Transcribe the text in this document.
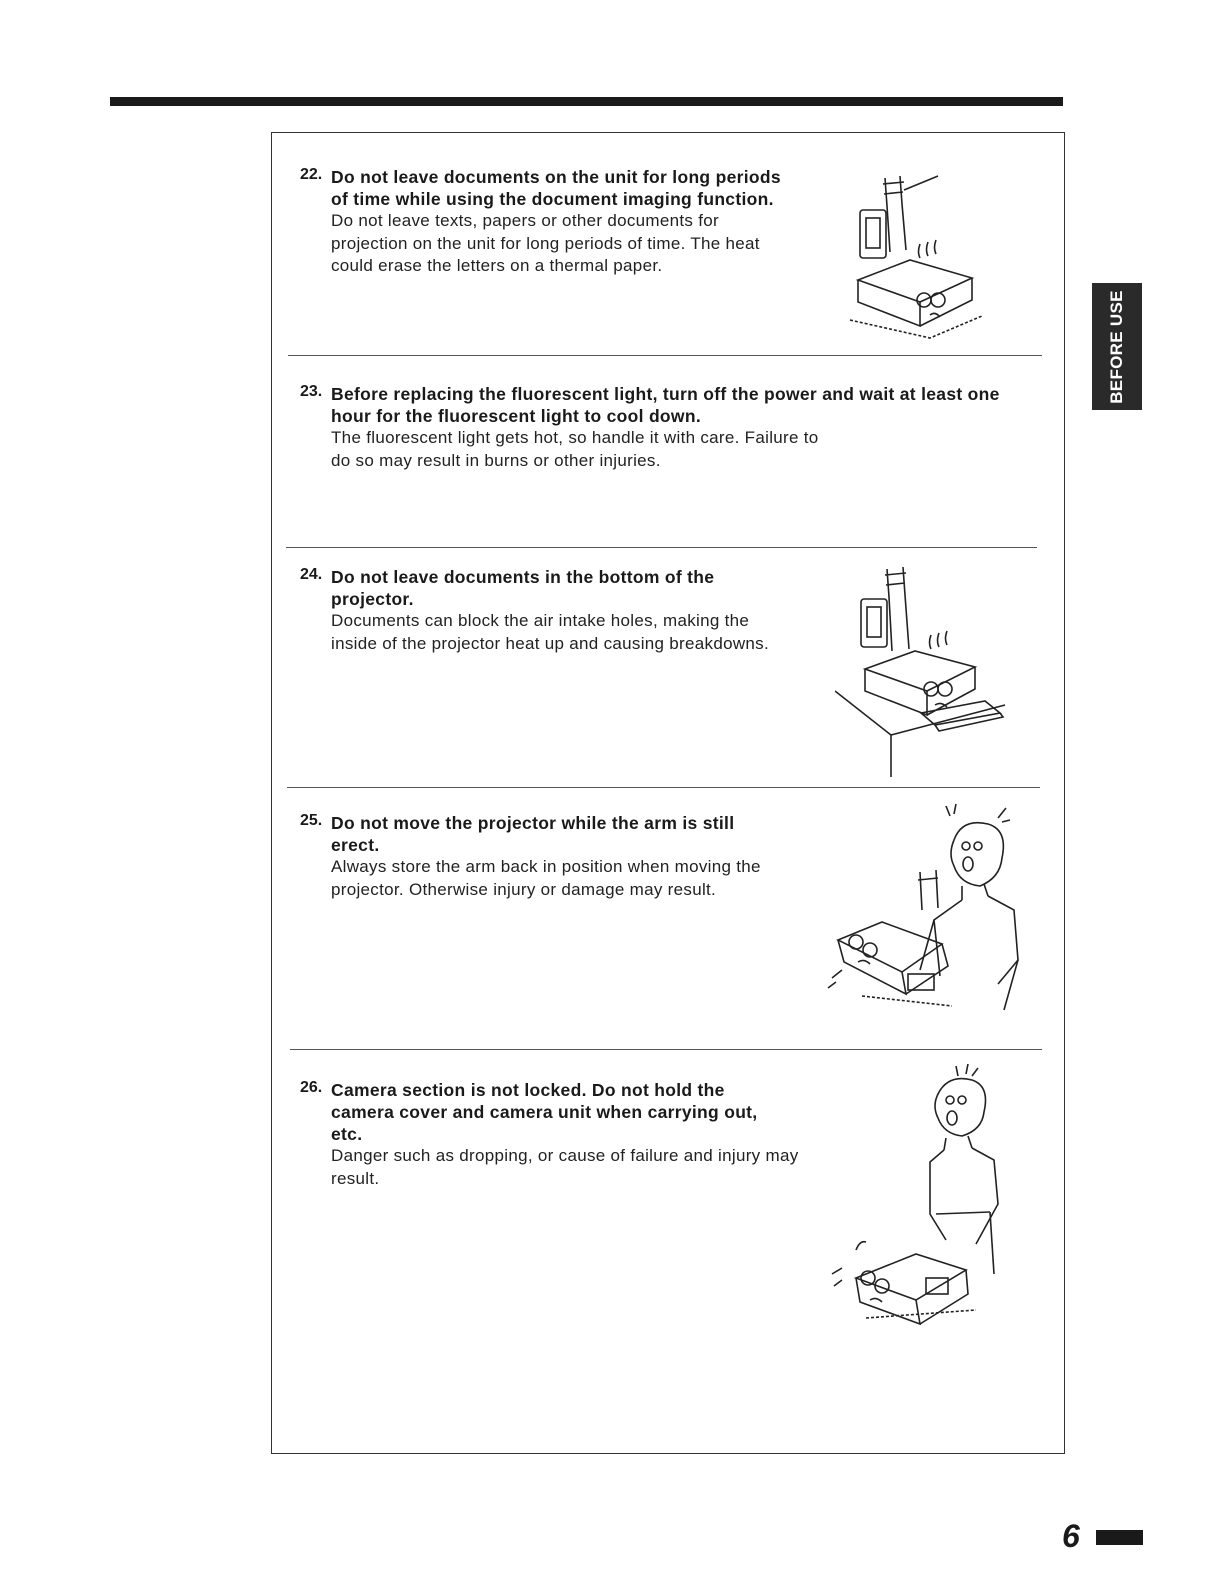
BEFORE USE
22. Do not leave documents on the unit for long periods of time while using the document imaging function.
Do not leave texts, papers or other documents for projection on the unit for long periods of time. The heat could erase the letters on a thermal paper.
23. Before replacing the fluorescent light, turn off the power and wait at least one hour for the fluorescent light to cool down.
The fluorescent light gets hot, so handle it with care. Failure to do so may result in burns or other injuries.
24. Do not leave documents in the bottom of the projector.
Documents can block the air intake holes, making the inside of the projector heat up and causing breakdowns.
25. Do not move the projector while the arm is still erect.
Always store the arm back in position when moving the projector. Otherwise injury or damage may result.
26. Camera section is not locked. Do not hold the camera cover and camera unit when carrying out, etc.
Danger such as dropping, or cause of failure and injury may result.
6
